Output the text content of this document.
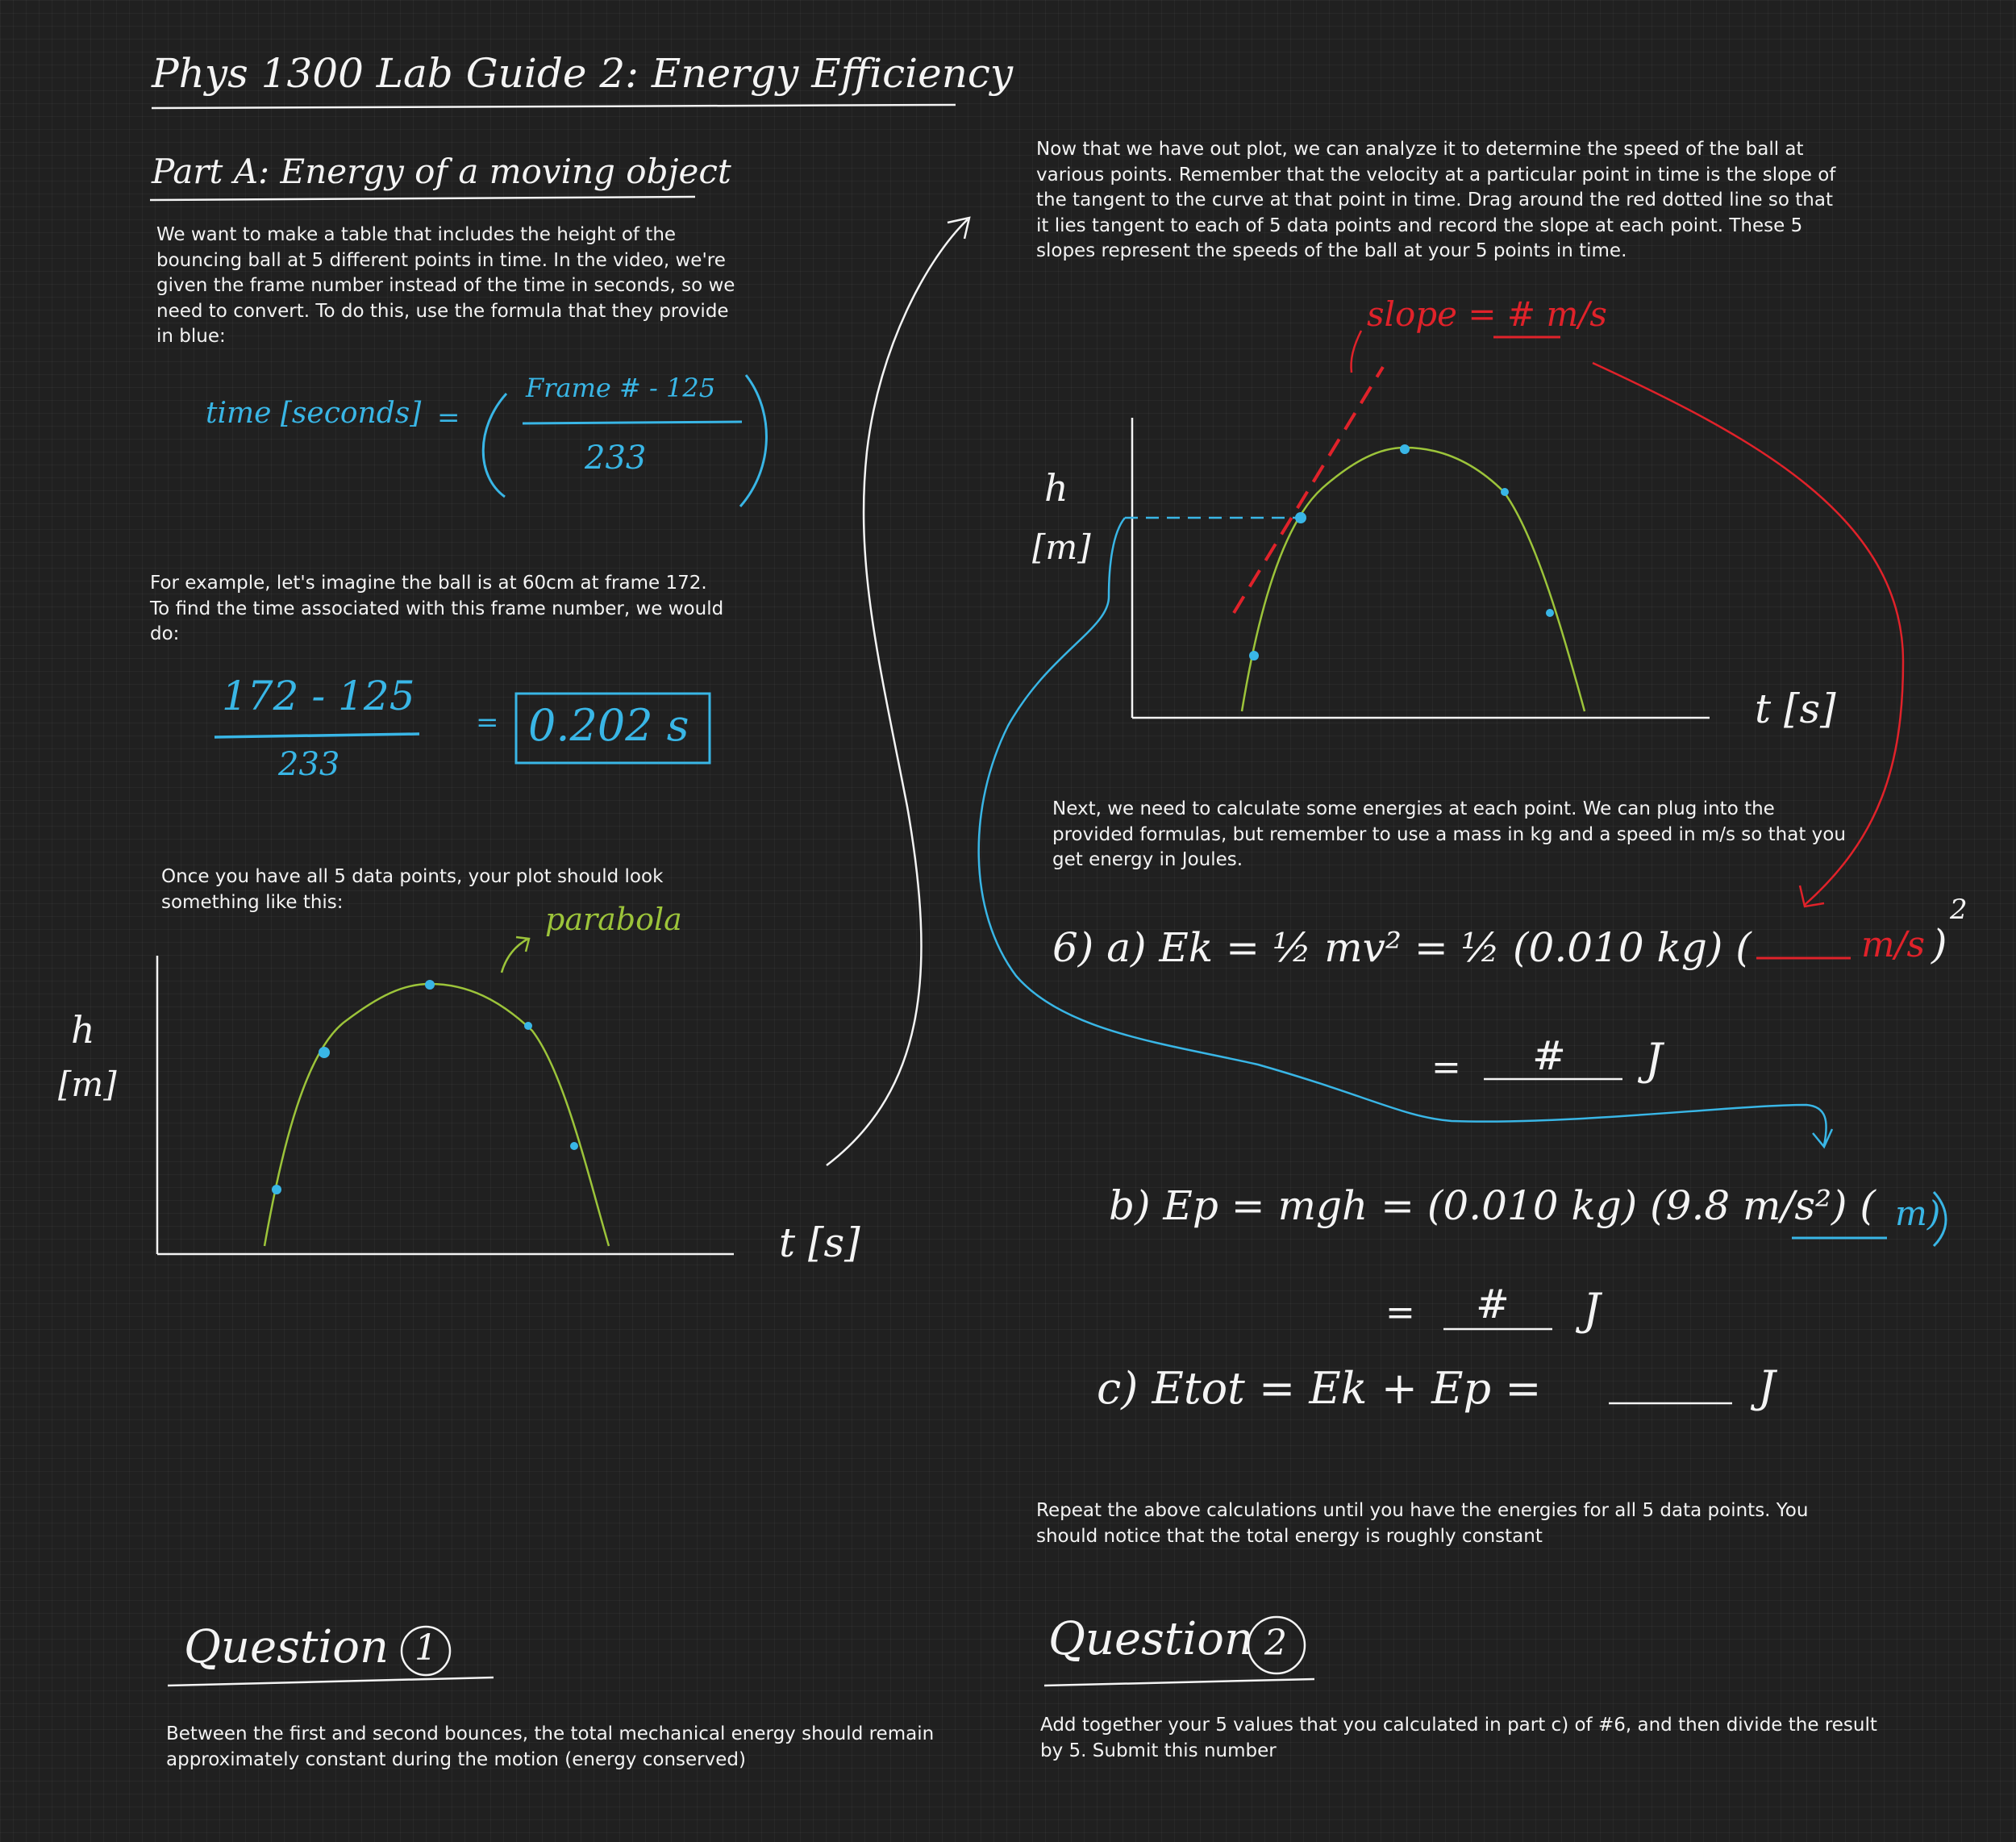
Phys 1300 Lab Guide 2: Energy Efficiency
Part A: Energy of a moving object
We want to make a table that includes the height of the bouncing ball at 5 different points in time. In the video, we're given the frame number instead of the time in seconds, so we need to convert. To do this, use the formula that they provide in blue:
time [seconds] =
Frame # - 125
233
For example, let's imagine the ball is at 60cm at frame 172. To find the time associated with this frame number, we would do:
172 - 125
233
= 0.202 s
Once you have all 5 data points, your plot should look something like this:	parabola
h
[m]
t [s]
Now that we have out plot, we can analyze it to determine the speed of the ball at various points. Remember that the velocity at a particular point in time is the slope of the tangent to the curve at that point in time. Drag around the red dotted line so that it lies tangent to each of 5 data points and record the slope at each point. These 5 slopes represent the speeds of the ball at your 5 points in time.
slope = # m/s
h
[m]
t [s]
Next, we need to calculate some energies at each point. We can plug into the provided formulas, but remember to use a mass in kg and a speed in m/s so that you get energy in Joules.
6) a) Ek = ½ mv² = ½ (0.010 kg) (	m/s )
2
= # J
b) Ep = mgh = (0.010 kg) (9.8 m/s²) ( m)
= # J
c) Etot = Ek + Ep =	J
Repeat the above calculations until you have the energies for all 5 data points. You should notice that the total energy is roughly constant
Question 1
Between the first and second bounces, the total mechanical energy should remain approximately constant during the motion (energy conserved)
Question 2
Add together your 5 values that you calculated in part c) of #6, and then divide the result by 5. Submit this number
